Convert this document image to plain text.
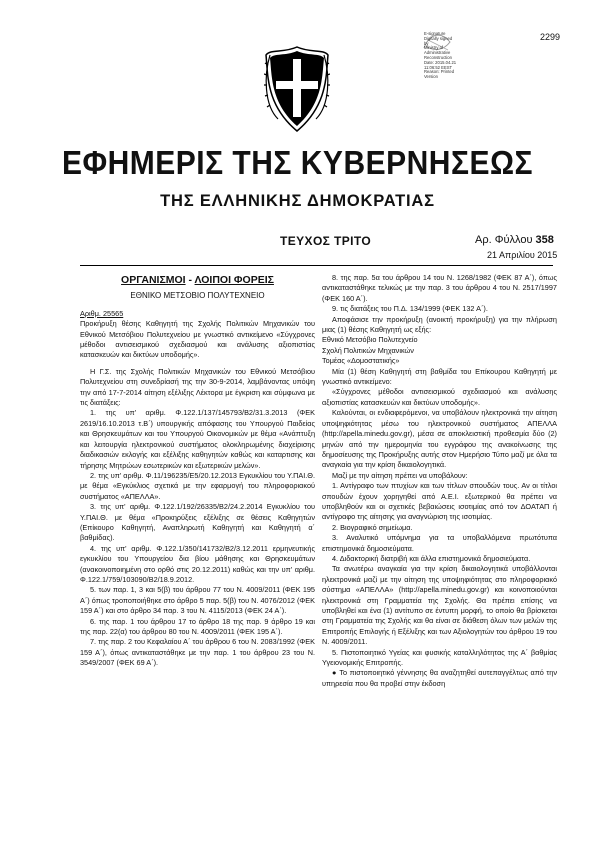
E-signature
Digitally signed
by
Ministry of
Administrative
Reconstruction
Date: 2015.04.21
11:06:52 EEST
Reason: Printed
Version
2299
ΕΦΗΜΕΡΙΣ ΤΗΣ ΚΥΒΕΡΝΗΣΕΩΣ
ΤΗΣ ΕΛΛΗΝΙΚΗΣ ΔΗΜΟΚΡΑΤΙΑΣ
ΤΕΥΧΟΣ ΤΡΙΤΟ	Αρ. Φύλλου 358
21 Απριλίου 2015

ΟΡΓΑΝΙΣΜΟΙ - ΛΟΙΠΟΙ ΦΟΡΕΙΣ

ΕΘΝΙΚΟ ΜΕΤΣΟΒΙΟ ΠΟΛΥΤΕΧΝΕΙΟ

Αριθμ. 25565

Προκήρυξη θέσης Καθηγητή της Σχολής Πολιτικών Μηχανικών του Εθνικού Μετσόβιου Πολυτεχνείου με γνωστικό αντικείμενο «Σύγχρονες μέθοδοι αντισεισμικού σχεδιασμού και ανάλυσης αξιοπιστίας κατασκευών και δικτύων υποδομής».

Η Γ.Σ. της Σχολής Πολιτικών Μηχανικών του Εθνικού Μετσόβιου Πολυτεχνείου στη συνεδρίασή της την 30-9-2014, λαμβάνοντας υπόψη την από 17-7-2014 αίτηση εξέλιξης Λέκτορα με έγκριση και σύμφωνα με τις διατάξεις:

1. της υπ' αριθμ. Φ.122.1/137/145793/Β2/31.3.2013 (ΦΕΚ 2619/16.10.2013 τ.Β΄) υπουργικής απόφασης του Υπουργού Παιδείας και Θρησκευμάτων και του Υπουργού Οικονομικών με θέμα «Ανάπτυξη και λειτουργία ηλεκτρονικού συστήματος ολοκληρωμένης διαχείρισης διαδικασιών εκλογής και εξέλιξης καθηγητών καθώς και καταρτισης και τήρησης Μητρώων εσωτερικών και εξωτερικών μελών».

2. της υπ' αριθμ. Φ.11/196235/Ε5/20.12.2013 Εγκυκλίου του Υ.ΠΑΙ.Θ. με θέμα «Εγκύκλιος σχετικά με την εφαρμογή του πληροφοριακού συστήματος «ΑΠΕΛΛΑ».

3. της υπ' αριθμ. Φ.122.1/192/26335/Β2/24.2.2014 Εγκυκλίου του Υ.ΠΑΙ.Θ. με θέμα «Προκηρύξεις εξέλιξης σε θέσεις Καθηγητών (Επίκουρο Καθηγητή, Αναπληρωτή Καθηγητή και Καθηγητή α΄ βαθμίδας).

4. της υπ' αριθμ. Φ.122.1/350/141732/Β2/3.12.2011 ερμηνευτικής εγκυκλίου του Υπουργείου δια βίου μάθησης και Θρησκευμάτων (ανακοινοποιημένη στο ορθό στις 20.12.2011) καθώς και την υπ' αριθμ. Φ.122.1/759/103090/Β2/18.9.2012.

5. των παρ. 1, 3 και 5(β) του άρθρου 77 του Ν. 4009/2011 (ΦΕΚ 195 Α΄) όπως τροποποιήθηκε στο άρθρο 5 παρ. 5(β) του Ν. 4076/2012 (ΦΕΚ 159 Α΄) και στο άρθρο 34 παρ. 3 του Ν. 4115/2013 (ΦΕΚ 24 Α΄).

6. της παρ. 1 του άρθρου 17 το άρθρο 18 της παρ. 9 άρθρο 19 και της παρ. 22(α) του άρθρου 80 του Ν. 4009/2011 (ΦΕΚ 195 Α΄).

7. της παρ. 2 του Κεφαλαίου Α΄ του άρθρου 6 του Ν. 2083/1992 (ΦΕΚ 159 Α΄), όπως αντικαταστάθηκε με την παρ. 1 του άρθρου 23 του Ν. 3549/2007 (ΦΕΚ 69 Α΄).

8. της παρ. 5α του άρθρου 14 του Ν. 1268/1982 (ΦΕΚ 87 Α΄), όπως αντικαταστάθηκε τελικώς με την παρ. 3 του άρθρου 4 του Ν. 2517/1997 (ΦΕΚ 160 Α΄).

9. τις διατάξεις του Π.Δ. 134/1999 (ΦΕΚ 132 Α΄).

Αποφάσισε την προκήρυξη (ανοικτή προκήρυξη) για την πλήρωση μιας (1) θέσης Καθηγητή ως εξής:

Εθνικό Μετσόβιο Πολυτεχνείο

Σχολή Πολιτικών Μηχανικών

Τομέας «Δομοστατικής»

Μία (1) θέση Καθηγητή στη βαθμίδα του Επίκουρου Καθηγητή με γνωστικό αντικείμενο:

«Σύγχρονες μέθοδοι αντισεισμικού σχεδιασμού και ανάλυσης αξιοπιστίας κατασκευών και δικτύων υποδομής».

Καλούνται, οι ενδιαφερόμενοι, να υποβάλουν ηλεκτρονικά την αίτηση υποψηφιότητας μέσω του ηλεκτρονικού συστήματος ΑΠΕΛΛΑ (http://apella.minedu.gov.gr), μέσα σε αποκλειστική προθεσμία δύο (2) μηνών από την ημερομηνία του εγγράφου της ανακοίνωσης της δημοσίευσης της Προκήρυξης αυτής στον Ημερήσιο Τύπο μαζί με όλα τα αναγκαία για την κρίση δικαιολογητικά.

Μαζί με την αίτηση πρέπει να υποβάλουν:

1. Αντίγραφο των πτυχίων και των τίτλων σπουδών τους. Αν οι τίτλοι σπουδών έχουν χορηγηθεί από Α.Ε.Ι. εξωτερικού θα πρέπει να υποβληθούν και οι σχετικές βεβαιώσεις ισοτιμίας από τον ΔΟΑΤΑΠ ή αντίγραφο της αίτησης για αναγνώριση της ισοτιμίας.

2. Βιογραφικό σημείωμα.

3. Αναλυτικό υπόμνημα για τα υποβαλλόμενα πρωτότυπα επιστημονικά δημοσιεύματα.

4. Διδακτορική διατριβή και άλλα επιστημονικά δημοσιεύματα.

Τα ανωτέρω αναγκαία για την κρίση δικαιολογητικά υποβάλλονται ηλεκτρονικά μαζί με την αίτηση της υποψηφιότητας στο πληροφοριακό σύστημα «ΑΠΕΛΛΑ» (http://apella.minedu.gov.gr) και κοινοποιούνται ηλεκτρονικά στη Γραμματεία της Σχολής. Θα πρέπει επίσης να υποβληθεί και ένα (1) αντίτυπο σε έντυπη μορφή, το οποίο θα βρίσκεται στη Γραμματεία της Σχολής και θα είναι σε διάθεση όλων των μελών της Επιτροπής Επιλογής ή Εξέλιξης και των Αξιολογητών του άρθρου 19 του Ν. 4009/2011.

5. Πιστοποιητικό Υγείας και φυσικής καταλληλότητας της Α΄ βαθμίας Υγειονομικής Επιτροπής.

● Το πιστοποιητικό γέννησης θα αναζητηθεί αυτεπαγγέλτως από την υπηρεσία που θα προβεί στην έκδοση
